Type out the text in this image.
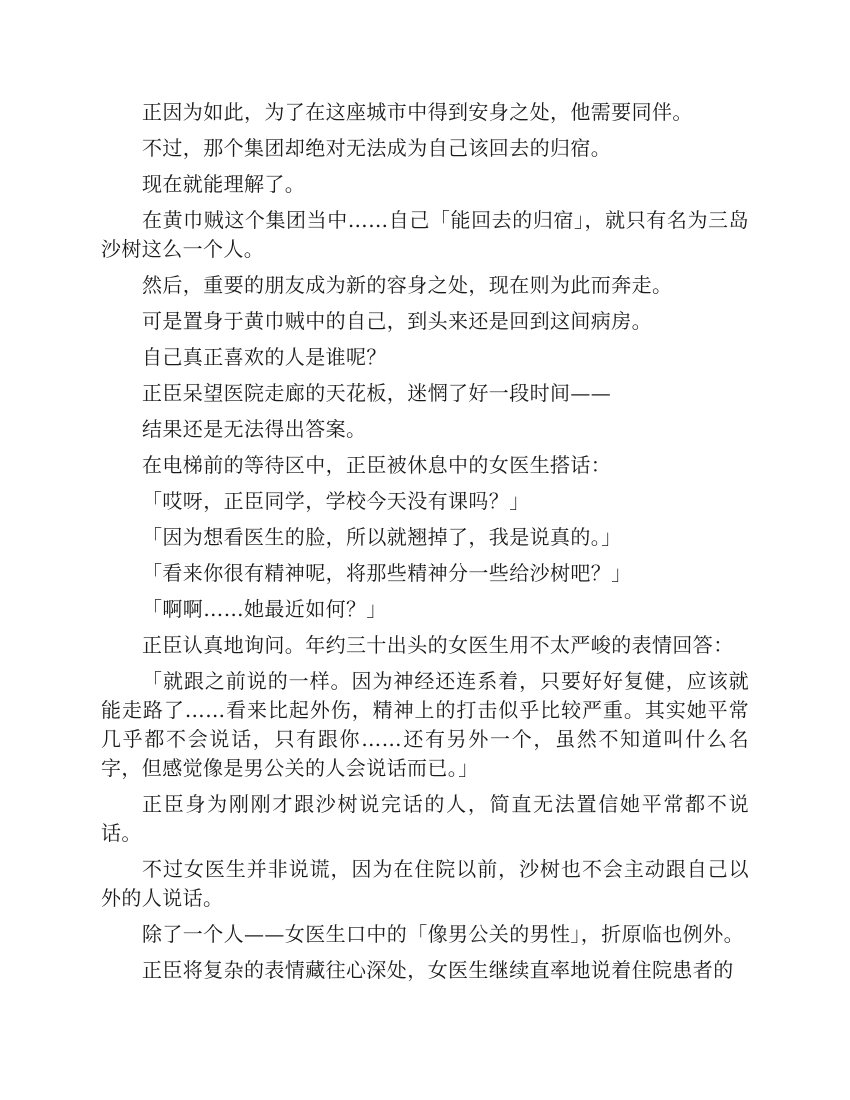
正因为如此，为了在这座城市中得到安身之处，他需要同伴。

不过，那个集团却绝对无法成为自己该回去的归宿。

现在就能理解了。

在黄巾贼这个集团当中……自己「能回去的归宿」，就只有名为三岛沙树这么一个人。

然后，重要的朋友成为新的容身之处，现在则为此而奔走。

可是置身于黄巾贼中的自己，到头来还是回到这间病房。

自己真正喜欢的人是谁呢？

正臣呆望医院走廊的天花板，迷惘了好一段时间——

结果还是无法得出答案。

在电梯前的等待区中，正臣被休息中的女医生搭话：

「哎呀，正臣同学，学校今天没有课吗？」

「因为想看医生的脸，所以就翘掉了，我是说真的。」

「看来你很有精神呢，将那些精神分一些给沙树吧？」

「啊啊……她最近如何？」

正臣认真地询问。年约三十出头的女医生用不太严峻的表情回答：

「就跟之前说的一样。因为神经还连系着，只要好好复健，应该就能走路了……看来比起外伤，精神上的打击似乎比较严重。其实她平常几乎都不会说话，只有跟你……还有另外一个，虽然不知道叫什么名字，但感觉像是男公关的人会说话而已。」

正臣身为刚刚才跟沙树说完话的人，简直无法置信她平常都不说话。

不过女医生并非说谎，因为在住院以前，沙树也不会主动跟自己以外的人说话。

除了一个人——女医生口中的「像男公关的男性」，折原临也例外。

正臣将复杂的表情藏往心深处，女医生继续直率地说着住院患者的
